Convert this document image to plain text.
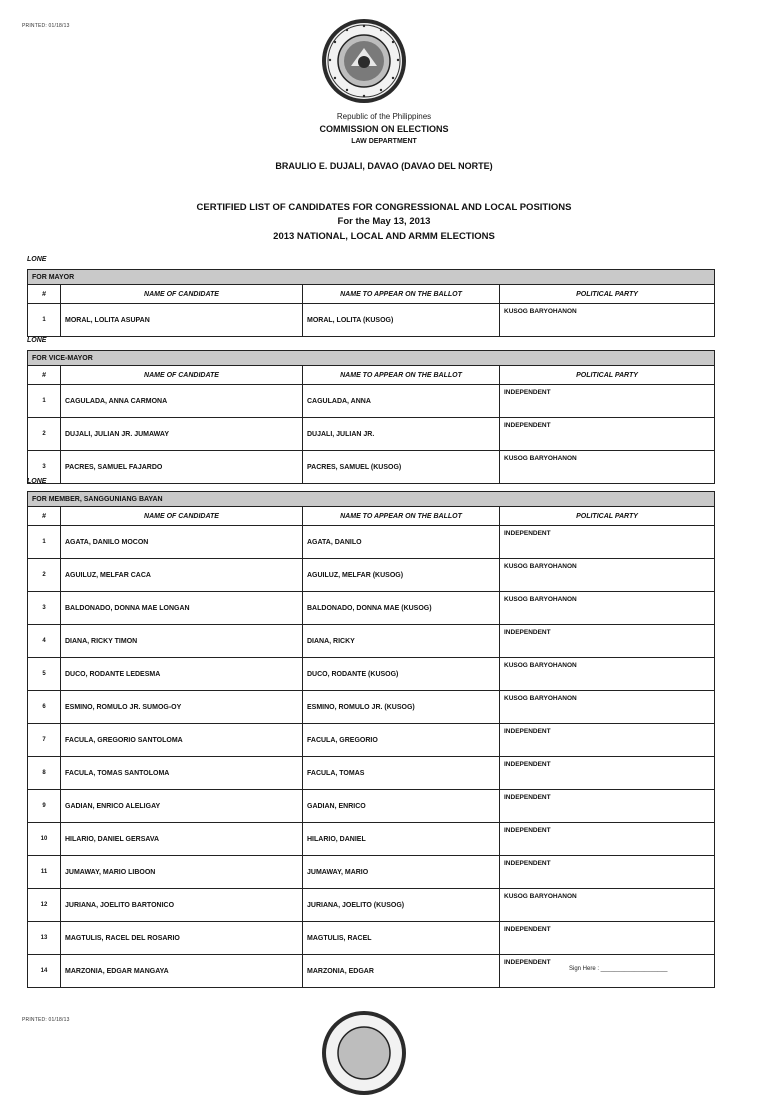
PRINTED: 01/18/13
Republic of the Philippines
COMMISSION ON ELECTIONS
LAW DEPARTMENT
BRAULIO E. DUJALI, DAVAO (DAVAO DEL NORTE)
CERTIFIED LIST OF CANDIDATES FOR CONGRESSIONAL AND LOCAL POSITIONS
For the May 13, 2013
2013 NATIONAL, LOCAL AND ARMM ELECTIONS
LONE
FOR MAYOR			
#	NAME OF CANDIDATE	NAME TO APPEAR ON THE BALLOT	POLITICAL PARTY
1	MORAL, LOLITA ASUPAN	MORAL, LOLITA (KUSOG)	KUSOG BARYOHANON
LONE
FOR VICE-MAYOR			
#	NAME OF CANDIDATE	NAME TO APPEAR ON THE BALLOT	POLITICAL PARTY
1	CAGULADA, ANNA CARMONA	CAGULADA, ANNA	INDEPENDENT
2	DUJALI, JULIAN JR. JUMAWAY	DUJALI, JULIAN JR.	INDEPENDENT
3	PACRES, SAMUEL FAJARDO	PACRES, SAMUEL (KUSOG)	KUSOG BARYOHANON
LONE
FOR MEMBER, SANGGUNIANG BAYAN			
#	NAME OF CANDIDATE	NAME TO APPEAR ON THE BALLOT	POLITICAL PARTY
1	AGATA, DANILO MOCON	AGATA, DANILO	INDEPENDENT
2	AGUILUZ, MELFAR CACA	AGUILUZ, MELFAR (KUSOG)	KUSOG BARYOHANON
3	BALDONADO, DONNA MAE LONGAN	BALDONADO, DONNA MAE (KUSOG)	KUSOG BARYOHANON
4	DIANA, RICKY TIMON	DIANA, RICKY	INDEPENDENT
5	DUCO, RODANTE LEDESMA	DUCO, RODANTE (KUSOG)	KUSOG BARYOHANON
6	ESMINO, ROMULO JR. SUMOG-OY	ESMINO, ROMULO JR. (KUSOG)	KUSOG BARYOHANON
7	FACULA, GREGORIO SANTOLOMA	FACULA, GREGORIO	INDEPENDENT
8	FACULA, TOMAS SANTOLOMA	FACULA, TOMAS	INDEPENDENT
9	GADIAN, ENRICO ALELIGAY	GADIAN, ENRICO	INDEPENDENT
10	HILARIO, DANIEL GERSAVA	HILARIO, DANIEL	INDEPENDENT
11	JUMAWAY, MARIO LIBOON	JUMAWAY, MARIO	INDEPENDENT
12	JURIANA, JOELITO BARTONICO	JURIANA, JOELITO (KUSOG)	KUSOG BARYOHANON
13	MAGTULIS, RACEL DEL ROSARIO	MAGTULIS, RACEL	INDEPENDENT
14	MARZONIA, EDGAR MANGAYA	MARZONIA, EDGAR	INDEPENDENT
Sign Here : ____________________
PRINTED: 01/18/13
